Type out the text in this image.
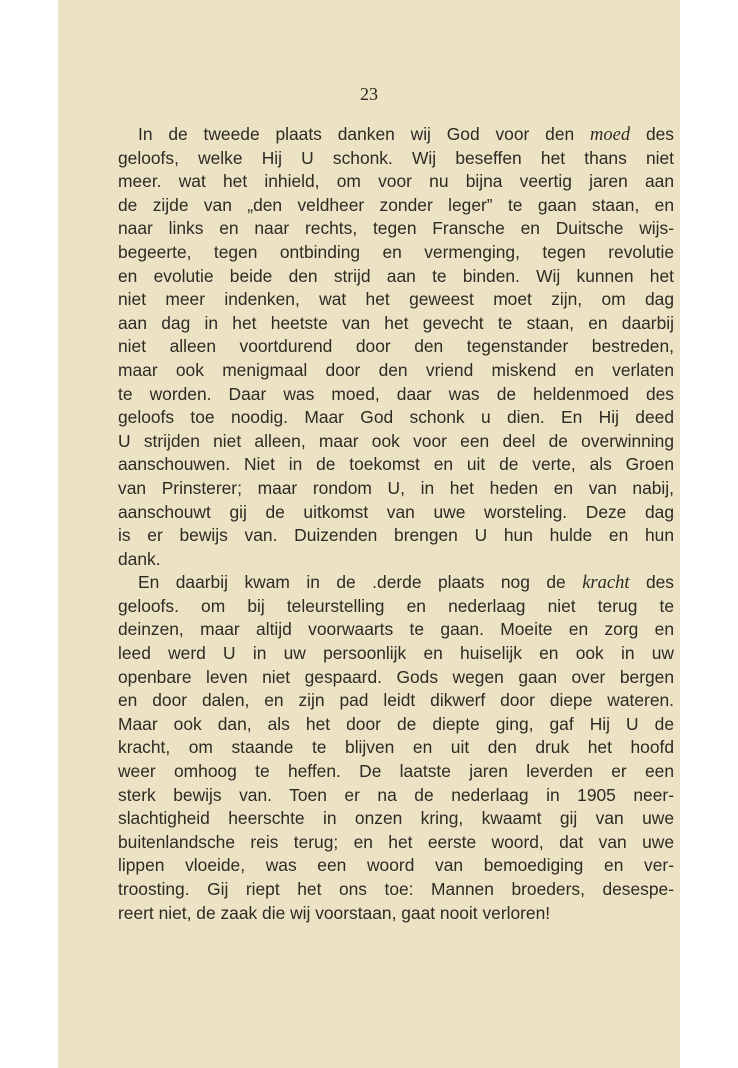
23
In de tweede plaats danken wij God voor den moed des
geloofs, welke Hij U schonk. Wij beseffen het thans niet
meer. wat het inhield, om voor nu bijna veertig jaren aan
de zijde van „den veldheer zonder leger” te gaan staan, en
naar links en naar rechts, tegen Fransche en Duitsche wijs-
begeerte, tegen ontbinding en vermenging, tegen revolutie
en evolutie beide den strijd aan te binden. Wij kunnen het
niet meer indenken, wat het geweest moet zijn, om dag
aan dag in het heetste van het gevecht te staan, en daarbij
niet alleen voortdurend door den tegenstander bestreden,
maar ook menigmaal door den vriend miskend en verlaten
te worden. Daar was moed, daar was de heldenmoed des
geloofs toe noodig. Maar God schonk u dien. En Hij deed
U strijden niet alleen, maar ook voor een deel de overwinning
aanschouwen. Niet in de toekomst en uit de verte, als Groen
van Prinsterer; maar rondom U, in het heden en van nabij,
aanschouwt gij de uitkomst van uwe worsteling. Deze dag
is er bewijs van. Duizenden brengen U hun hulde en hun
dank.
En daarbij kwam in de .derde plaats nog de kracht des
geloofs. om bij teleurstelling en nederlaag niet terug te
deinzen, maar altijd voorwaarts te gaan. Moeite en zorg en
leed werd U in uw persoonlijk en huiselijk en ook in uw
openbare leven niet gespaard. Gods wegen gaan over bergen
en door dalen, en zijn pad leidt dikwerf door diepe wateren.
Maar ook dan, als het door de diepte ging, gaf Hij U de
kracht, om staande te blijven en uit den druk het hoofd
weer omhoog te heffen. De laatste jaren leverden er een
sterk bewijs van. Toen er na de nederlaag in 1905 neer-
slachtigheid heerschte in onzen kring, kwaamt gij van uwe
buitenlandsche reis terug; en het eerste woord, dat van uwe
lippen vloeide, was een woord van bemoediging en ver-
troosting. Gij riept het ons toe: Mannen broeders, desespe-
reert niet, de zaak die wij voorstaan, gaat nooit verloren!
